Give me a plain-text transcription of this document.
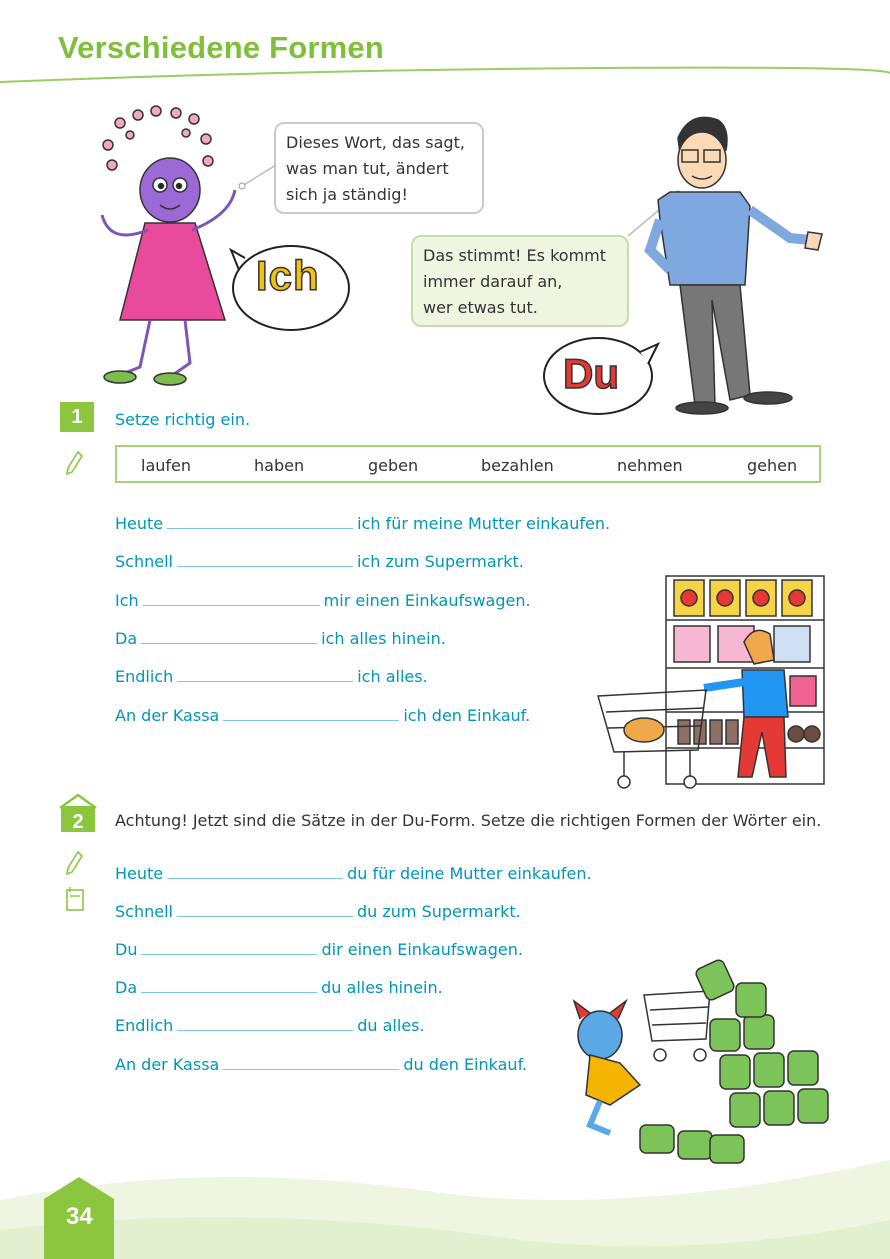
Verschiedene Formen
Dieses Wort, das sagt,
was man tut, ändert
sich ja ständig!
Ich	Das stimmt! Es kommt
immer darauf an,
wer etwas tut.
Du
1	Setze richtig ein.
laufen	haben	geben	bezahlen	nehmen	gehen
Heute	ich für meine Mutter einkaufen.
Schnell	ich zum Supermarkt.
Ich	mir einen Einkaufswagen.
Da	ich alles hinein.
Endlich	ich alles.
An der Kassa	ich den Einkauf.
2	Achtung! Jetzt sind die Sätze in der Du-Form. Setze die richtigen Formen der Wörter ein.
Heute	du für deine Mutter einkaufen.
Schnell	du zum Supermarkt.
Du	dir einen Einkaufswagen.
Da	du alles hinein.
Endlich	du alles.
An der Kassa	du den Einkauf.
34
